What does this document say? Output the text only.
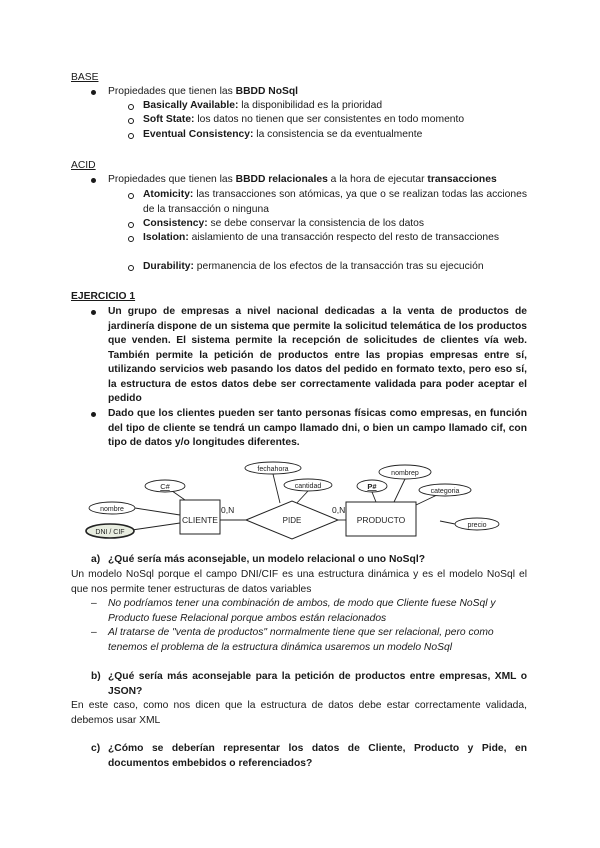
BASE
Propiedades que tienen las BBDD NoSql
Basically Available: la disponibilidad es la prioridad
Soft State: los datos no tienen que ser consistentes en todo momento
Eventual Consistency: la consistencia se da eventualmente
ACID
Propiedades que tienen las BBDD relacionales a la hora de ejecutar transacciones
Atomicity: las transacciones son atómicas, ya que o se realizan todas las acciones de la transacción o ninguna
Consistency: se debe conservar la consistencia de los datos
Isolation: aislamiento de una transacción respecto del resto de transacciones
Durability: permanencia de los efectos de la transacción tras su ejecución
EJERCICIO 1
Un grupo de empresas a nivel nacional dedicadas a la venta de productos de jardinería dispone de un sistema que permite la solicitud telemática de los productos que venden. El sistema permite la recepción de solicitudes de clientes vía web. También permite la petición de productos entre las propias empresas entre sí, utilizando servicios web pasando los datos del pedido en formato texto, pero eso sí, la estructura de estos datos debe ser correctamente validada para poder aceptar el pedido
Dado que los clientes pueden ser tanto personas físicas como empresas, en función del tipo de cliente se tendrá un campo llamado dni, o bien un campo llamado cif, con tipo de datos y/o longitudes diferentes.
CLIENTE	PRODUCTO
PIDE
0,N	0,N
C#
nombre
DNI / CIF
fechahora
cantidad	P#
nombrep
categoria
precio
a) ¿Qué sería más aconsejable, un modelo relacional o uno NoSql?
Un modelo NoSql porque el campo DNI/CIF es una estructura dinámica y es el modelo NoSql el que nos permite tener estructuras de datos variables
– No podríamos tener una combinación de ambos, de modo que Cliente fuese NoSql y Producto fuese Relacional porque ambos están relacionados
– Al tratarse de "venta de productos" normalmente tiene que ser relacional, pero como tenemos el problema de la estructura dinámica usaremos un modelo NoSql
b) ¿Qué sería más aconsejable para la petición de productos entre empresas, XML o JSON?
En este caso, como nos dicen que la estructura de datos debe estar correctamente validada, debemos usar XML
c) ¿Cómo se deberían representar los datos de Cliente, Producto y Pide, en documentos embebidos o referenciados?
